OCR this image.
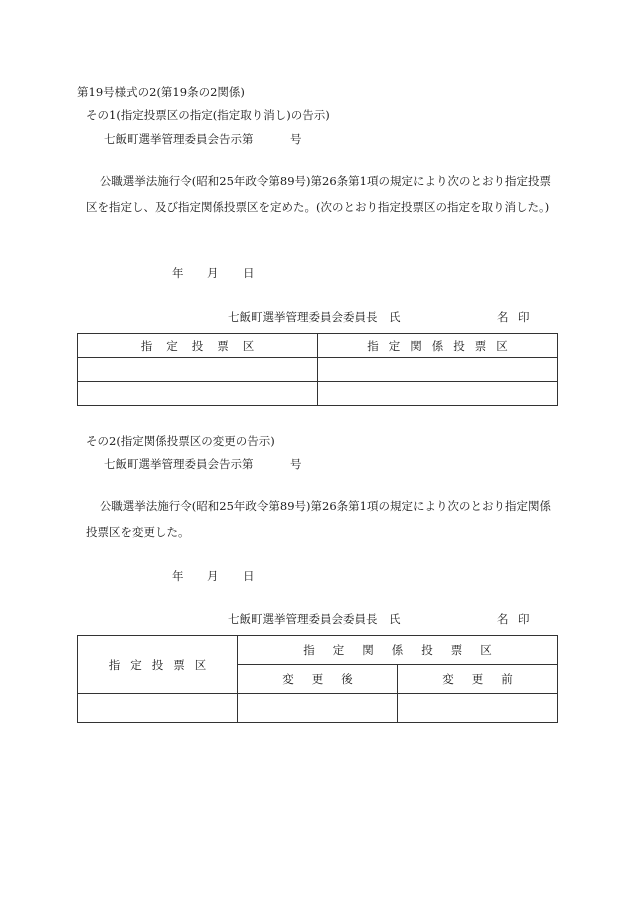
第19号様式の2(第19条の2関係)
その1(指定投票区の指定(指定取り消し)の告示)
七飯町選挙管理委員会告示第	号
公職選挙法施行令(昭和25年政令第89号)第26条第1項の規定により次のとおり指定投票区を指定し、及び指定関係投票区を定めた。(次のとおり指定投票区の指定を取り消した。)
年 月 日
七飯町選挙管理委員会委員長　氏	名 印
指定投票区	指定関係投票区

その2(指定関係投票区の変更の告示)
七飯町選挙管理委員会告示第	号
公職選挙法施行令(昭和25年政令第89号)第26条第1項の規定により次のとおり指定関係投票区を変更した。
年 月 日
七飯町選挙管理委員会委員長　氏	名 印
指定投票区	指定関係投票区	
	変更後	変更前
